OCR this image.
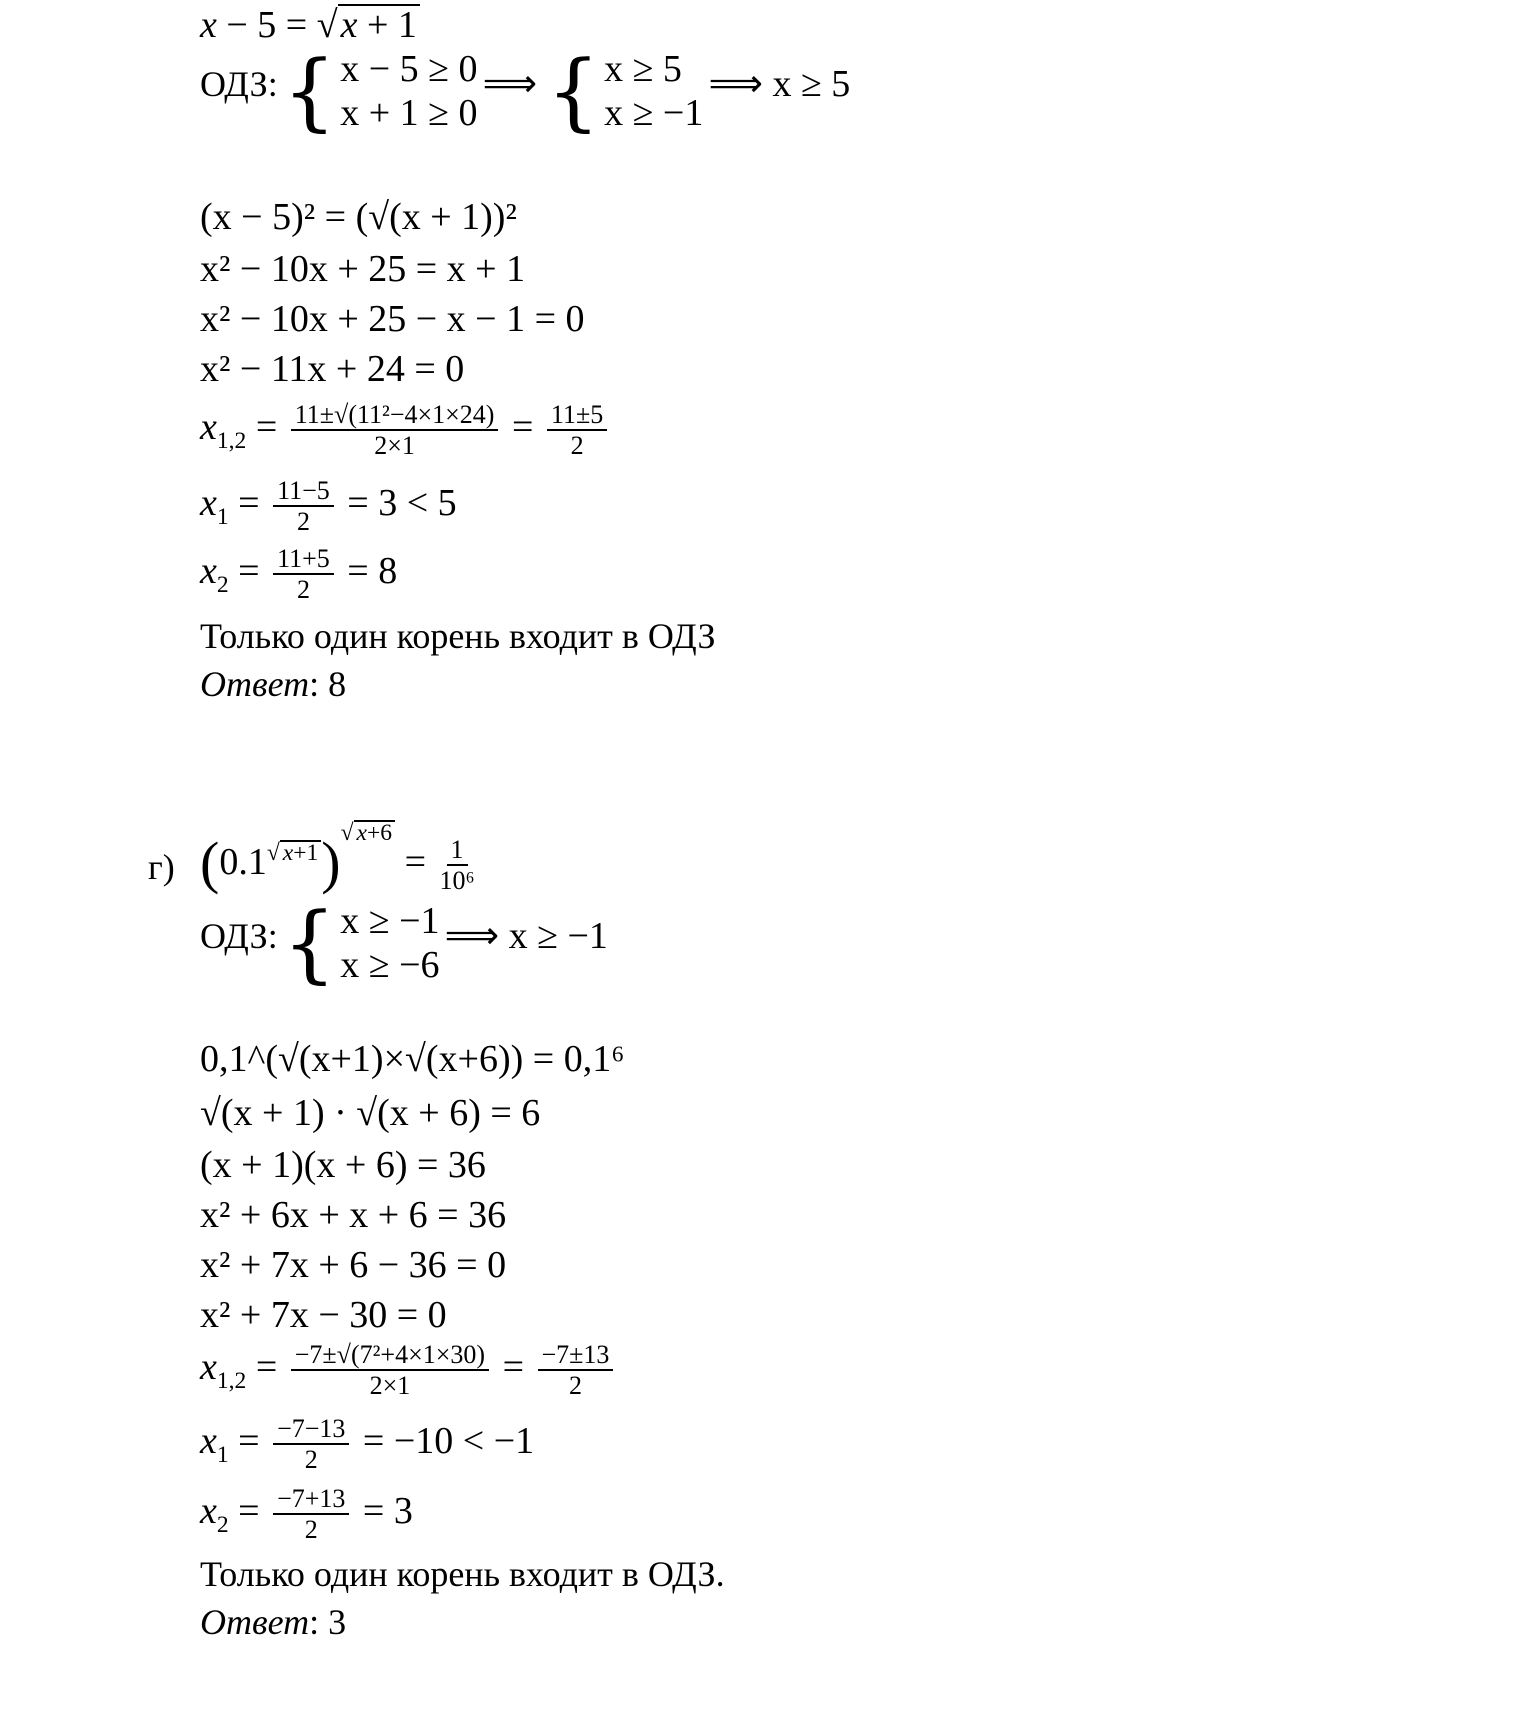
x − 5 = √x + 1
ОДЗ: { x − 5 ≥ 0
x + 1 ≥ 0
⟹ { x ≥ 5
x ≥ −1
⟹ x ≥ 5
(x − 5)² = (√(x + 1))²
x² − 10x + 25 = x + 1
x² − 10x + 25 − x − 1 = 0
x² − 11x + 24 = 0
$x_{1,2} = \frac{\text{11±√(11²−4×1×24)}}{2\times 1} = \frac{11\pm 5}{2}$
$x_1 = \frac{11-5}{2} = 3 < 5$
$x_2 = \frac{11+5}{2} = 8$
Только один корень входит в ОДЗ
Ответ: 8
г) $(0.1^{√ x+1})^{√ x+6} = \frac{1}{\text{10⁶}}$
ОДЗ: { x ≥ −1
x ≥ −6
⟹ x ≥ −1
0,1^(√(x+1)×√(x+6)) = 0,1⁶
√(x + 1) · √(x + 6) = 6
(x + 1)(x + 6) = 36
x² + 6x + x + 6 = 36
x² + 7x + 6 − 36 = 0
x² + 7x − 30 = 0
$x_{1,2} = \frac{\text{−7±√(7²+4×1×30)}}{2\times 1} = \frac{-7\pm 13}{2}$
$x_1 = \frac{-7-13}{2} = -10 < -1$
$x_2 = \frac{-7+13}{2} = 3$
Только один корень входит в ОДЗ.
Ответ: 3
